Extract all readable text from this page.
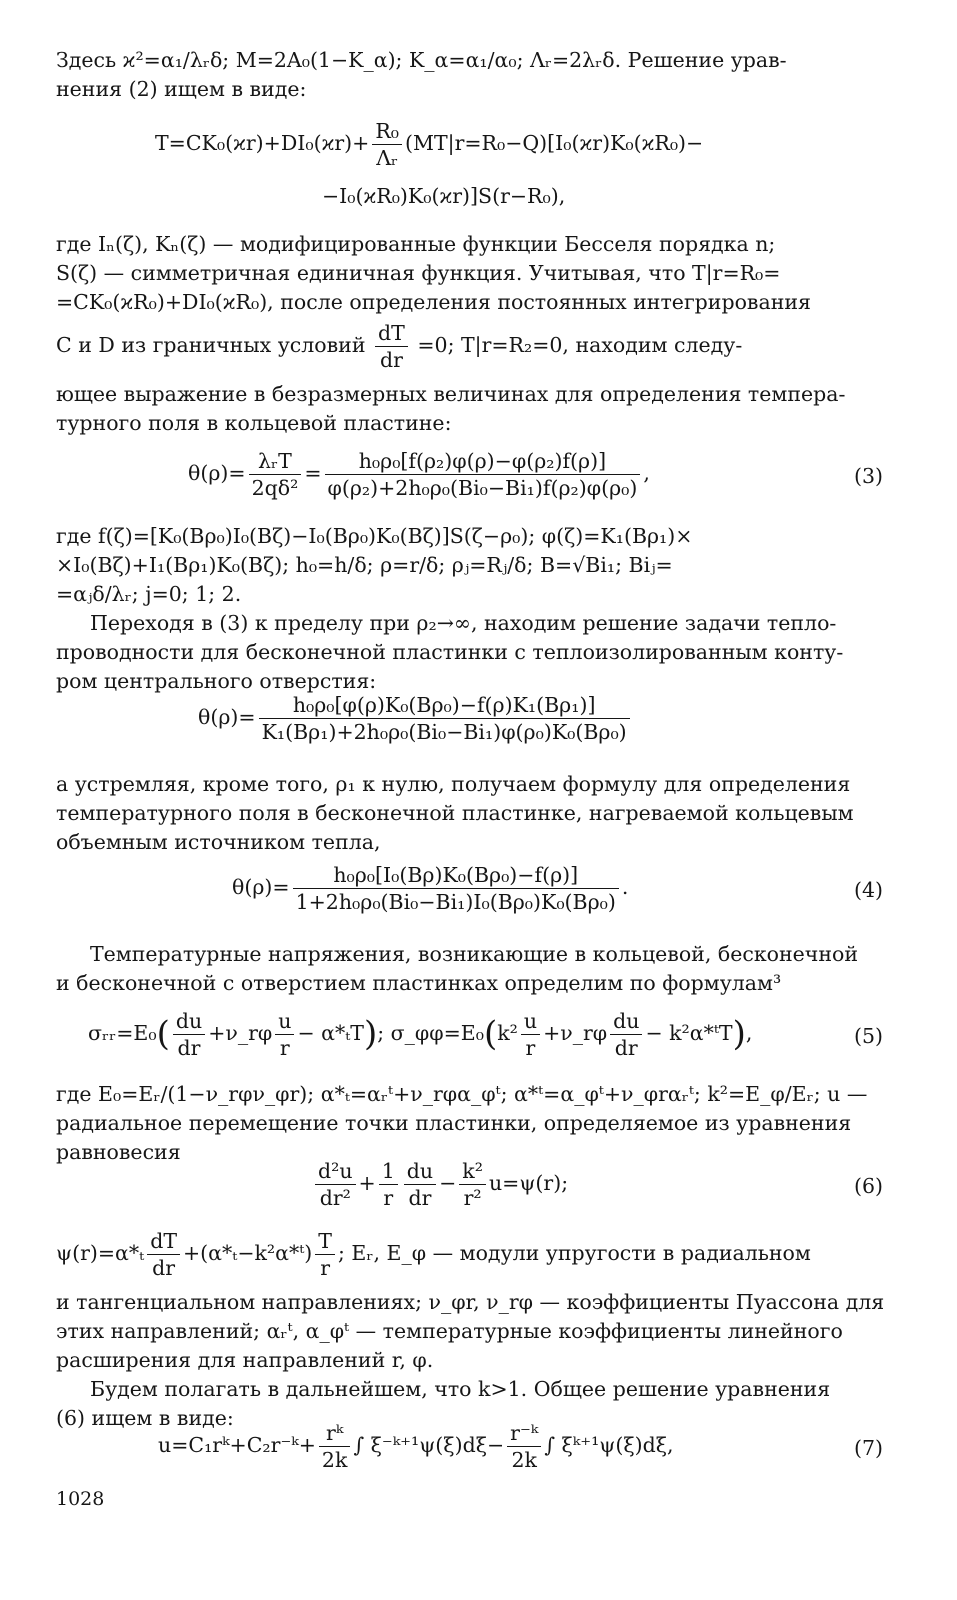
Здесь ϰ²=α₁/λᵣδ; M=2A₀(1−K_α); K_α=α₁/α₀; Λᵣ=2λᵣδ. Решение урав-
нения (2) ищем в виде:

$T=CK_0(ϰr)+DI_0(ϰr)+ \frac{\text{R₀}}{\text{Λᵣ}} (MT|r=R_0-Q)[I_0(ϰr)K_0(ϰR_0)-$
−I₀(ϰR₀)K₀(ϰr)]S(r−R₀),

где Iₙ(ζ), Kₙ(ζ) — модифицированные функции Бесселя порядка n;
S(ζ) — симметричная единичная функция. Учитывая, что T|r=R₀=
=CK₀(ϰR₀)+DI₀(ϰR₀), после определения постоянных интегрирования

C и D из граничных условий $\frac{dT}{dr} =0$; T|r=R₂=0, находим следу-

ющее выражение в безразмерных величинах для определения темпера-
турного поля в кольцевой пластине:

$\theta(\rho)= \frac{\text{λᵣT}}{\text{2qδ²}} = \frac{\text{h₀ρ₀[f(ρ₂)φ(ρ)−φ(ρ₂)f(ρ)]}}{\text{φ(ρ₂)+2h₀ρ₀(Bi₀−Bi₁)f(ρ₂)φ(ρ₀)}}$ ,	(3)

где f(ζ)=[K₀(Bρ₀)I₀(Bζ)−I₀(Bρ₀)K₀(Bζ)]S(ζ−ρ₀); φ(ζ)=K₁(Bρ₁)×
×I₀(Bζ)+I₁(Bρ₁)K₀(Bζ); h₀=h/δ; ρ=r/δ; ρⱼ=Rⱼ/δ; B=√Bi₁; Biⱼ=
=αⱼδ/λᵣ; j=0; 1; 2.
Переходя в (3) к пределу при ρ₂→∞, находим решение задачи тепло-
проводности для бесконечной пластинки с теплоизолированным конту-
ром центрального отверстия:

$\theta(\rho)= \frac{\text{h₀ρ₀[φ(ρ)K₀(Bρ₀)−f(ρ)K₁(Bρ₁)]}}{\text{K₁(Bρ₁)+2h₀ρ₀(Bi₀−Bi₁)φ(ρ₀)K₀(Bρ₀)}}$

а устремляя, кроме того, ρ₁ к нулю, получаем формулу для определения
температурного поля в бесконечной пластинке, нагреваемой кольцевым
объемным источником тепла,

$\theta(\rho)= \frac{\text{h₀ρ₀[I₀(Bρ)K₀(Bρ₀)−f(ρ)]}}{\text{1+2h₀ρ₀(Bi₀−Bi₁)I₀(Bρ₀)K₀(Bρ₀)}}$ .	(4)

Температурные напряжения, возникающие в кольцевой, бесконечной
и бесконечной с отверстием пластинках определим по формулам³

σᵣᵣ=E₀( $\frac{du}{dr}$ +ν_rφ $\frac{u}{r} - \alpha*_tT$); σ_φφ=E₀(k² $\frac{u}{r}$ +ν_rφ $\frac{du}{dr}$ − k²α*ᵗT),	(5)

где E₀=Eᵣ/(1−ν_rφν_φr); α*ₜ=αᵣᵗ+ν_rφα_φᵗ; α*ᵗ=α_φᵗ+ν_φrαᵣᵗ; k²=E_φ/Eᵣ; u —
радиальное перемещение точки пластинки, определяемое из уравнения
равновесия

$\frac{\text{d²u}}{\text{dr²}} + \frac{1}{r} \frac{du}{dr} - \frac{\text{k²}}{\text{r²}} u=\psi(r)$;	(6)
$\psi(r)=\alpha*_t \frac{dT}{dr}$ +(α*ₜ−k²α*ᵗ) $\frac{T}{r}$ ; Eᵣ, E_φ — модули упругости в радиальном

и тангенциальном направлениях; ν_φr, ν_rφ — коэффициенты Пуассона для
этих направлений; αᵣᵗ, α_φᵗ — температурные коэффициенты линейного
расширения для направлений r, φ.
Будем полагать в дальнейшем, что k>1. Общее решение уравнения
(6) ищем в виде:

u=C₁rᵏ+C₂r⁻ᵏ+ $\frac{\text{rᵏ}}{2k}$ ∫ ξ⁻ᵏ⁺¹ψ(ξ)dξ− $\frac{\text{r⁻ᵏ}}{2k}$ ∫ ξᵏ⁺¹ψ(ξ)dξ,	(7)
1028
